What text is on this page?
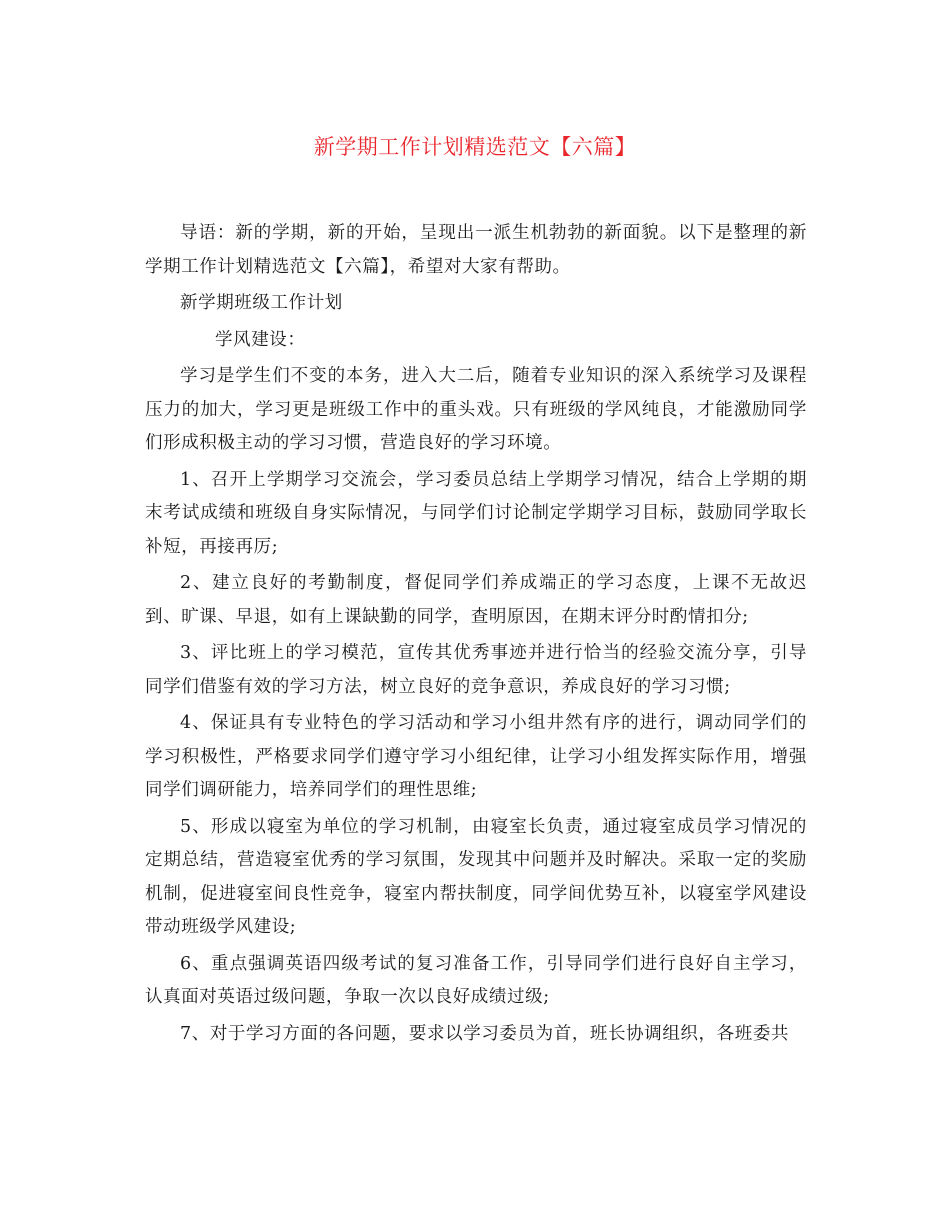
新学期工作计划精选范文【六篇】

导语：新的学期，新的开始，呈现出一派生机勃勃的新面貌。以下是整理的新学期工作计划精选范文【六篇】，希望对大家有帮助。

新学期班级工作计划

学风建设：

学习是学生们不变的本务，进入大二后，随着专业知识的深入系统学习及课程压力的加大，学习更是班级工作中的重头戏。只有班级的学风纯良，才能激励同学们形成积极主动的学习习惯，营造良好的学习环境。

1、召开上学期学习交流会，学习委员总结上学期学习情况，结合上学期的期末考试成绩和班级自身实际情况，与同学们讨论制定学期学习目标，鼓励同学取长补短，再接再厉;

2、建立良好的考勤制度，督促同学们养成端正的学习态度，上课不无故迟到、旷课、早退，如有上课缺勤的同学，查明原因，在期末评分时酌情扣分;

3、评比班上的学习模范，宣传其优秀事迹并进行恰当的经验交流分享，引导同学们借鉴有效的学习方法，树立良好的竞争意识，养成良好的学习习惯;

4、保证具有专业特色的学习活动和学习小组井然有序的进行，调动同学们的学习积极性，严格要求同学们遵守学习小组纪律，让学习小组发挥实际作用，增强同学们调研能力，培养同学们的理性思维;

5、形成以寝室为单位的学习机制，由寝室长负责，通过寝室成员学习情况的定期总结，营造寝室优秀的学习氛围，发现其中问题并及时解决。采取一定的奖励机制，促进寝室间良性竞争，寝室内帮扶制度，同学间优势互补，以寝室学风建设带动班级学风建设;

6、重点强调英语四级考试的复习准备工作，引导同学们进行良好自主学习，认真面对英语过级问题，争取一次以良好成绩过级;

7、对于学习方面的各问题，要求以学习委员为首，班长协调组织，各班委共
